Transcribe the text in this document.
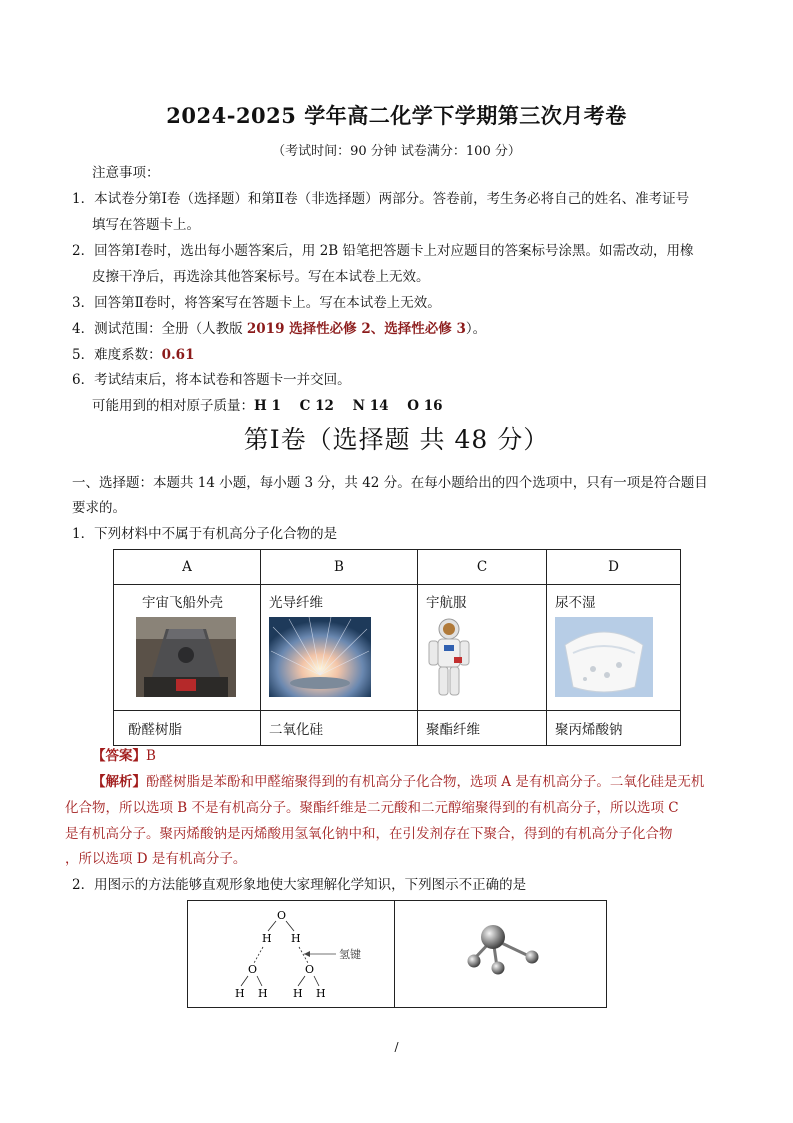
2024-2025 学年高二化学下学期第三次月考卷
（考试时间：90 分钟 试卷满分：100 分）
注意事项：
1．本试卷分第Ⅰ卷（选择题）和第Ⅱ卷（非选择题）两部分。答卷前，考生务必将自己的姓名、准考证号
填写在答题卡上。
2．回答第Ⅰ卷时，选出每小题答案后，用 2B 铅笔把答题卡上对应题目的答案标号涂黑。如需改动，用橡
皮擦干净后，再选涂其他答案标号。写在本试卷上无效。
3．回答第Ⅱ卷时，将答案写在答题卡上。写在本试卷上无效。
4．测试范围：全册（人教版 2019 选择性必修 2、选择性必修 3）。
5．难度系数：0.61
6．考试结束后，将本试卷和答题卡一并交回。
可能用到的相对原子质量：H 1    C 12    N 14    O 16
第Ⅰ卷（选择题 共 48 分）
一、选择题：本题共 14 小题，每小题 3 分，共 42 分。在每小题给出的四个选项中，只有一项是符合题目
要求的。
1．下列材料中不属于有机高分子化合物的是
A	B	C	D

宇宙飞船外壳	光导纤维	宇航服	尿不湿

酚醛树脂	二氧化硅	聚酯纤维	聚丙烯酸钠
【答案】B
【解析】酚醛树脂是苯酚和甲醛缩聚得到的有机高分子化合物，选项 A 是有机高分子。二氧化硅是无机
化合物，所以选项 B 不是有机高分子。聚酯纤维是二元酸和二元醇缩聚得到的有机高分子，所以选项 C
是有机高分子。聚丙烯酸钠是丙烯酸用氢氧化钠中和，在引发剂存在下聚合，得到的有机高分子化合物
，所以选项 D 是有机高分子。
2．用图示的方法能够直观形象地使大家理解化学知识，下列图示不正确的是
O
H H
氢键
O	O
H H H H

/
